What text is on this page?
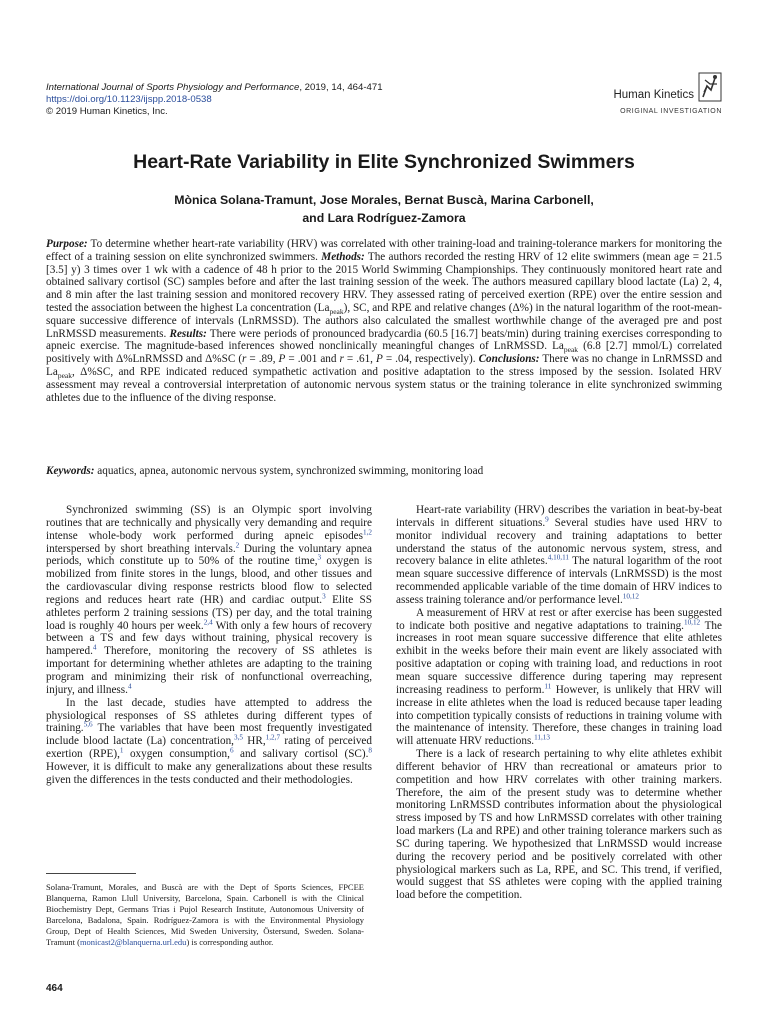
International Journal of Sports Physiology and Performance, 2019, 14, 464-471
https://doi.org/10.1123/ijspp.2018-0538
© 2019 Human Kinetics, Inc.
Human Kinetics
ORIGINAL INVESTIGATION
Heart-Rate Variability in Elite Synchronized Swimmers
Mònica Solana-Tramunt, Jose Morales, Bernat Buscà, Marina Carbonell,
and Lara Rodríguez-Zamora

Purpose: To determine whether heart-rate variability (HRV) was correlated with other training-load and training-tolerance markers for monitoring the effect of a training session on elite synchronized swimmers. Methods: The authors recorded the resting HRV of 12 elite swimmers (mean age = 21.5 [3.5] y) 3 times over 1 wk with a cadence of 48 h prior to the 2015 World Swimming Championships. They continuously monitored heart rate and obtained salivary cortisol (SC) samples before and after the last training session of the week. The authors measured capillary blood lactate (La) 2, 4, and 8 min after the last training session and monitored recovery HRV. They assessed rating of perceived exertion (RPE) over the entire session and tested the association between the highest La concentration $(La_{peak})$, SC, and RPE and relative changes (Δ%) in the natural logarithm of the root-mean-square successive difference of intervals (LnRMSSD). The authors also calculated the smallest worthwhile change of the averaged pre and post LnRMSSD measurements. Results: There were periods of pronounced bradycardia (60.5 [16.7] beats/min) during training exercises corresponding to apneic exercise. The magnitude-based inferences showed nonclinically meaningful changes of LnRMSSD. $La_{peak}$ (6.8 [2.7] mmol/L) correlated positively with Δ%LnRMSSD and Δ%SC (r = .89, P = .001 and r = .61, P = .04, respectively). Conclusions: There was no change in LnRMSSD and $La_{peak}$, Δ%SC, and RPE indicated reduced sympathetic activation and positive adaptation to the stress imposed by the session. Isolated HRV assessment may reveal a controversial interpretation of autonomic nervous system status or the training tolerance in elite synchronized swimming athletes due to the influence of the diving response.

Keywords: aquatics, apnea, autonomic nervous system, synchronized swimming, monitoring load

Synchronized swimming (SS) is an Olympic sport involving routines that are technically and physically very demanding and require intense whole-body work performed during apneic episodes$^{1,2}$ interspersed by short breathing intervals.$^2$ During the voluntary apnea periods, which constitute up to 50% of the routine time,$^3$ oxygen is mobilized from finite stores in the lungs, blood, and other tissues and the cardiovascular diving response restricts blood flow to selected regions and reduces heart rate (HR) and cardiac output.$^3$ Elite SS athletes perform 2 training sessions (TS) per day, and the total training load is roughly 40 hours per week.$^{2,4}$ With only a few hours of recovery between a TS and few days without training, physical recovery is hampered.$^4$ Therefore, monitoring the recovery of SS athletes is important for determining whether athletes are adapting to the training program and minimizing their risk of nonfunctional overreaching, injury, and illness.$^4$

In the last decade, studies have attempted to address the physiological responses of SS athletes during different types of training.$^{5,6}$ The variables that have been most frequently investigated include blood lactate (La) concentration,$^{3,5}$ HR,$^{1,2,7}$ rating of perceived exertion (RPE),$^1$ oxygen consumption,$^6$ and salivary cortisol (SC).$^8$ However, it is difficult to make any generalizations about these results given the differences in the tests conducted and their methodologies.

Heart-rate variability (HRV) describes the variation in beat-by-beat intervals in different situations.$^9$ Several studies have used HRV to monitor individual recovery and training adaptations to better understand the status of the autonomic nervous system, stress, and recovery balance in elite athletes.$^{4,10,11}$ The natural logarithm of the root mean square successive difference of intervals (LnRMSSD) is the most recommended applicable variable of the time domain of HRV indices to assess training tolerance and/or performance level.$^{10,12}$

A measurement of HRV at rest or after exercise has been suggested to indicate both positive and negative adaptations to training.$^{10,12}$ The increases in root mean square successive difference that elite athletes exhibit in the weeks before their main event are likely associated with positive adaptation or coping with training load, and reductions in root mean square successive difference during tapering may represent increasing readiness to perform.$^{11}$ However, is unlikely that HRV will increase in elite athletes when the load is reduced because taper leading into competition typically consists of reductions in training volume with the maintenance of intensity. Therefore, these changes in training load will attenuate HRV reductions.$^{11,13}$

There is a lack of research pertaining to why elite athletes exhibit different behavior of HRV than recreational or amateurs prior to competition and how HRV correlates with other training markers. Therefore, the aim of the present study was to determine whether monitoring LnRMSSD contributes information about the physiological stress imposed by TS and how LnRMSSD correlates with other training load markers (La and RPE) and other training tolerance markers such as SC during tapering. We hypothesized that LnRMSSD would increase during the recovery period and be positively correlated with other physiological markers such as La, RPE, and SC. This trend, if verified, would suggest that SS athletes were coping with the applied training load before the competition.

Solana-Tramunt, Morales, and Buscà are with the Dept of Sports Sciences, FPCEE Blanquerna, Ramon Llull University, Barcelona, Spain. Carbonell is with the Clinical Biochemistry Dept, Germans Trias i Pujol Research Institute, Autonomous University of Barcelona, Badalona, Spain. Rodríguez-Zamora is with the Environmental Physiology Group, Dept of Health Sciences, Mid Sweden University, Östersund, Sweden. Solana-Tramunt (monicast2@blanquerna.url.edu) is corresponding author.
464
